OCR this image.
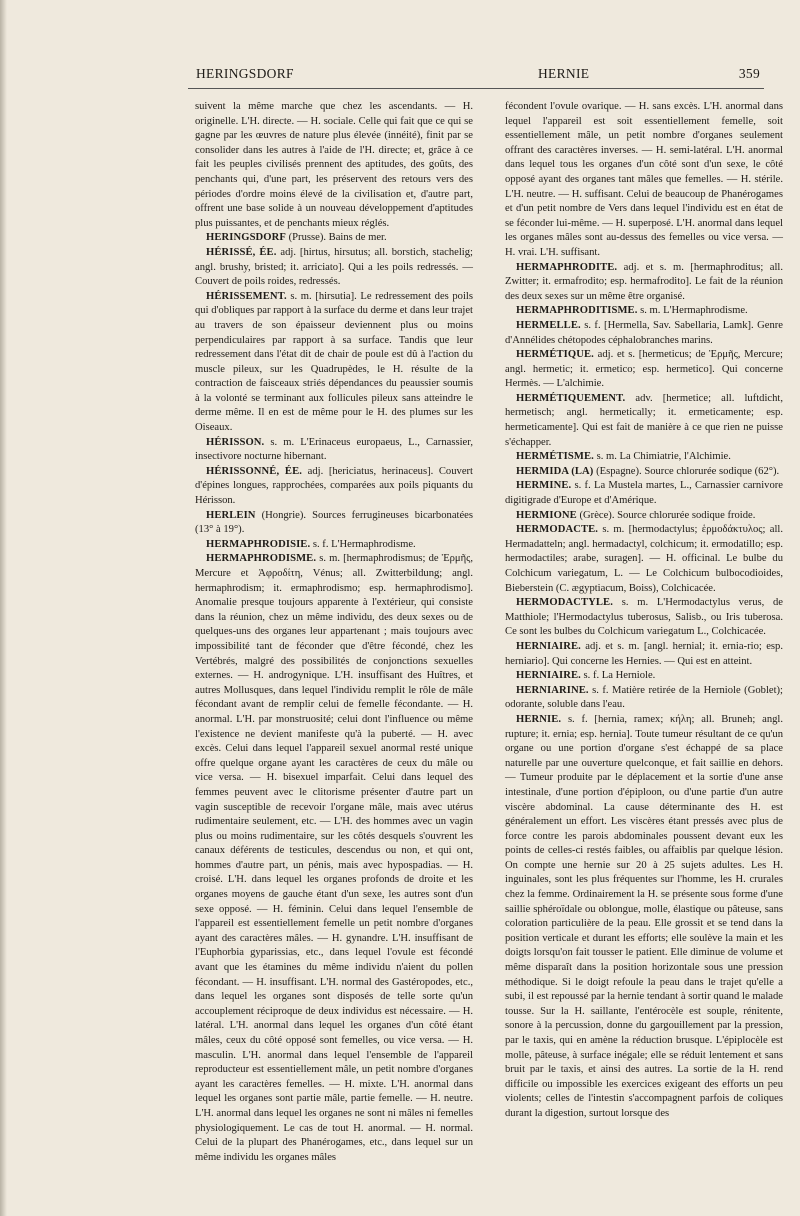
HERINGSDORF	HERNIE	359

suivent la même marche que chez les ascendants. — H. originelle. L'H. directe. — H. sociale. Celle qui fait que ce qui se gagne par les œuvres de nature plus élevée (innéité), finit par se consolider dans les autres à l'aide de l'H. directe; et, grâce à ce fait les peuples civilisés prennent des aptitudes, des goûts, des penchants qui, d'une part, les préservent des retours vers des périodes d'ordre moins élevé de la civilisation et, d'autre part, offrent une base solide à un nouveau développement d'aptitudes plus puissantes, et de penchants mieux réglés.

HERINGSDORF (Prusse). Bains de mer.

HÉRISSÉ, ÉE. adj. [hirtus, hirsutus; all. borstich, stachelig; angl. brushy, bristed; it. arriciato]. Qui a les poils redressés. — Couvert de poils roides, redressés.

HÉRISSEMENT. s. m. [hirsutia]. Le redressement des poils qui d'obliques par rapport à la surface du derme et dans leur trajet au travers de son épaisseur deviennent plus ou moins perpendiculaires par rapport à sa surface. Tandis que leur redressement dans l'état dit de chair de poule est dû à l'action du muscle pileux, sur les Quadrupèdes, le H. résulte de la contraction de faisceaux striés dépendances du peaussier soumis à la volonté se terminant aux follicules pileux sans atteindre le derme même. Il en est de même pour le H. des plumes sur les Oiseaux.

HÉRISSON. s. m. L'Erinaceus europaeus, L., Carnassier, insectivore nocturne hibernant.

HÉRISSONNÉ, ÉE. adj. [hericiatus, herinaceus]. Couvert d'épines longues, rapprochées, comparées aux poils piquants du Hérisson.

HERLEIN (Hongrie). Sources ferrugineuses bicarbonatées (13° à 19°).

HERMAPHRODISIE. s. f. L'Hermaphrodisme.

HERMAPHRODISME. s. m. [hermaphrodismus; de Ἑρμῆς, Mercure et Ἀφροδίτη, Vénus; all. Zwitterbildung; angl. hermaphrodism; it. ermaphrodismo; esp. hermaphrodismo]. Anomalie presque toujours apparente à l'extérieur, qui consiste dans la réunion, chez un même individu, des deux sexes ou de quelques-uns des organes leur appartenant ; mais toujours avec impossibilité tant de féconder que d'être fécondé, chez les Vertébrés, malgré des possibilités de conjonctions sexuelles externes. — H. androgynique. L'H. insuffisant des Huîtres, et autres Mollusques, dans lequel l'individu remplit le rôle de mâle fécondant avant de remplir celui de femelle fécondante. — H. anormal. L'H. par monstruosité; celui dont l'influence ou même l'existence ne devient manifeste qu'à la puberté. — H. avec excès. Celui dans lequel l'appareil sexuel anormal resté unique offre quelque organe ayant les caractères de ceux du mâle ou vice versa. — H. bisexuel imparfait. Celui dans lequel des femmes peuvent avec le clitorisme présenter d'autre part un vagin susceptible de recevoir l'organe mâle, mais avec utérus rudimentaire seulement, etc. — L'H. des hommes avec un vagin plus ou moins rudimentaire, sur les côtés desquels s'ouvrent les canaux déférents de testicules, descendus ou non, et qui ont, hommes d'autre part, un pénis, mais avec hypospadias. — H. croisé. L'H. dans lequel les organes profonds de droite et les organes moyens de gauche étant d'un sexe, les autres sont d'un sexe opposé. — H. féminin. Celui dans lequel l'ensemble de l'appareil est essentiellement femelle un petit nombre d'organes ayant des caractères mâles. — H. gynandre. L'H. insuffisant de l'Euphorbia gyparissias, etc., dans lequel l'ovule est fécondé avant que les étamines du même individu n'aient du pollen fécondant. — H. insuffisant. L'H. normal des Gastéropodes, etc., dans lequel les organes sont disposés de telle sorte qu'un accouplement réciproque de deux individus est nécessaire. — H. latéral. L'H. anormal dans lequel les organes d'un côté étant mâles, ceux du côté opposé sont femelles, ou vice versa. — H. masculin. L'H. anormal dans lequel l'ensemble de l'appareil reproducteur est essentiellement mâle, un petit nombre d'organes ayant les caractères femelles. — H. mixte. L'H. anormal dans lequel les organes sont partie mâle, partie femelle. — H. neutre. L'H. anormal dans lequel les organes ne sont ni mâles ni femelles physiologiquement. Le cas de tout H. anormal. — H. normal. Celui de la plupart des Phanérogames, etc., dans lequel sur un même individu les organes mâles

fécondent l'ovule ovarique. — H. sans excès. L'H. anormal dans lequel l'appareil est soit essentiellement femelle, soit essentiellement mâle, un petit nombre d'organes seulement offrant des caractères inverses. — H. semi-latéral. L'H. anormal dans lequel tous les organes d'un côté sont d'un sexe, le côté opposé ayant des organes tant mâles que femelles. — H. stérile. L'H. neutre. — H. suffisant. Celui de beaucoup de Phanérogames et d'un petit nombre de Vers dans lequel l'individu est en état de se féconder lui-même. — H. superposé. L'H. anormal dans lequel les organes mâles sont au-dessus des femelles ou vice versa. — H. vrai. L'H. suffisant.

HERMAPHRODITE. adj. et s. m. [hermaphroditus; all. Zwitter; it. ermafrodito; esp. hermafrodito]. Le fait de la réunion des deux sexes sur un même être organisé.

HERMAPHRODITISME. s. m. L'Hermaphrodisme.

HERMELLE. s. f. [Hermella, Sav. Sabellaria, Lamk]. Genre d'Annélides chétopodes céphalobranches marins.

HERMÉTIQUE. adj. et s. [hermeticus; de Ἑρμῆς, Mercure; angl. hermetic; it. ermetico; esp. hermetico]. Qui concerne Hermès. — L'alchimie.

HERMÉTIQUEMENT. adv. [hermetice; all. luftdicht, hermetisch; angl. hermetically; it. ermeticamente; esp. hermeticamente]. Qui est fait de manière à ce que rien ne puisse s'échapper.

HERMÉTISME. s. m. La Chimiatrie, l'Alchimie.

HERMIDA (LA) (Espagne). Source chlorurée sodique (62°).

HERMINE. s. f. La Mustela martes, L., Carnassier carnivore digitigrade d'Europe et d'Amérique.

HERMIONE (Grèce). Source chlorurée sodique froide.

HERMODACTE. s. m. [hermodactylus; ἑρμοδάκτυλος; all. Hermadatteln; angl. hermadactyl, colchicum; it. ermodatillo; esp. hermodactiles; arabe, suragen]. — H. officinal. Le bulbe du Colchicum variegatum, L. — Le Colchicum bulbocodioides, Bieberstein (C. ægyptiacum, Boiss), Colchicacée.

HERMODACTYLE. s. m. L'Hermodactylus verus, de Matthiole; l'Hermodactylus tuberosus, Salisb., ou Iris tuberosa. Ce sont les bulbes du Colchicum variegatum L., Colchicacée.

HERNIAIRE. adj. et s. m. [angl. hernial; it. ernia-rio; esp. herniario]. Qui concerne les Hernies. — Qui est en atteint.

HERNIAIRE. s. f. La Herniole.

HERNIARINE. s. f. Matière retirée de la Herniole (Goblet); odorante, soluble dans l'eau.

HERNIE. s. f. [hernia, ramex; κήλη; all. Bruneh; angl. rupture; it. ernia; esp. hernia]. Toute tumeur résultant de ce qu'un organe ou une portion d'organe s'est échappé de sa place naturelle par une ouverture quelconque, et fait saillie en dehors. — Tumeur produite par le déplacement et la sortie d'une anse intestinale, d'une portion d'épiploon, ou d'une partie d'un autre viscère abdominal. La cause déterminante des H. est généralement un effort. Les viscères étant pressés avec plus de force contre les parois abdominales poussent devant eux les points de celles-ci restés faibles, ou affaiblis par quelque lésion. On compte une hernie sur 20 à 25 sujets adultes. Les H. inguinales, sont les plus fréquentes sur l'homme, les H. crurales chez la femme. Ordinairement la H. se présente sous forme d'une saillie sphéroïdale ou oblongue, molle, élastique ou pâteuse, sans coloration particulière de la peau. Elle grossit et se tend dans la position verticale et durant les efforts; elle soulève la main et les doigts lorsqu'on fait tousser le patient. Elle diminue de volume et même disparaît dans la position horizontale sous une pression méthodique. Si le doigt refoule la peau dans le trajet qu'elle a subi, il est repoussé par la hernie tendant à sortir quand le malade tousse. Sur la H. saillante, l'entérocèle est souple, rénitente, sonore à la percussion, donne du gargouillement par la pression, par le taxis, qui en amène la réduction brusque. L'épiplocèle est molle, pâteuse, à surface inégale; elle se réduit lentement et sans bruit par le taxis, et ainsi des autres. La sortie de la H. rend difficile ou impossible les exercices exigeant des efforts un peu violents; celles de l'intestin s'accompagnent parfois de coliques durant la digestion, surtout lorsque des
